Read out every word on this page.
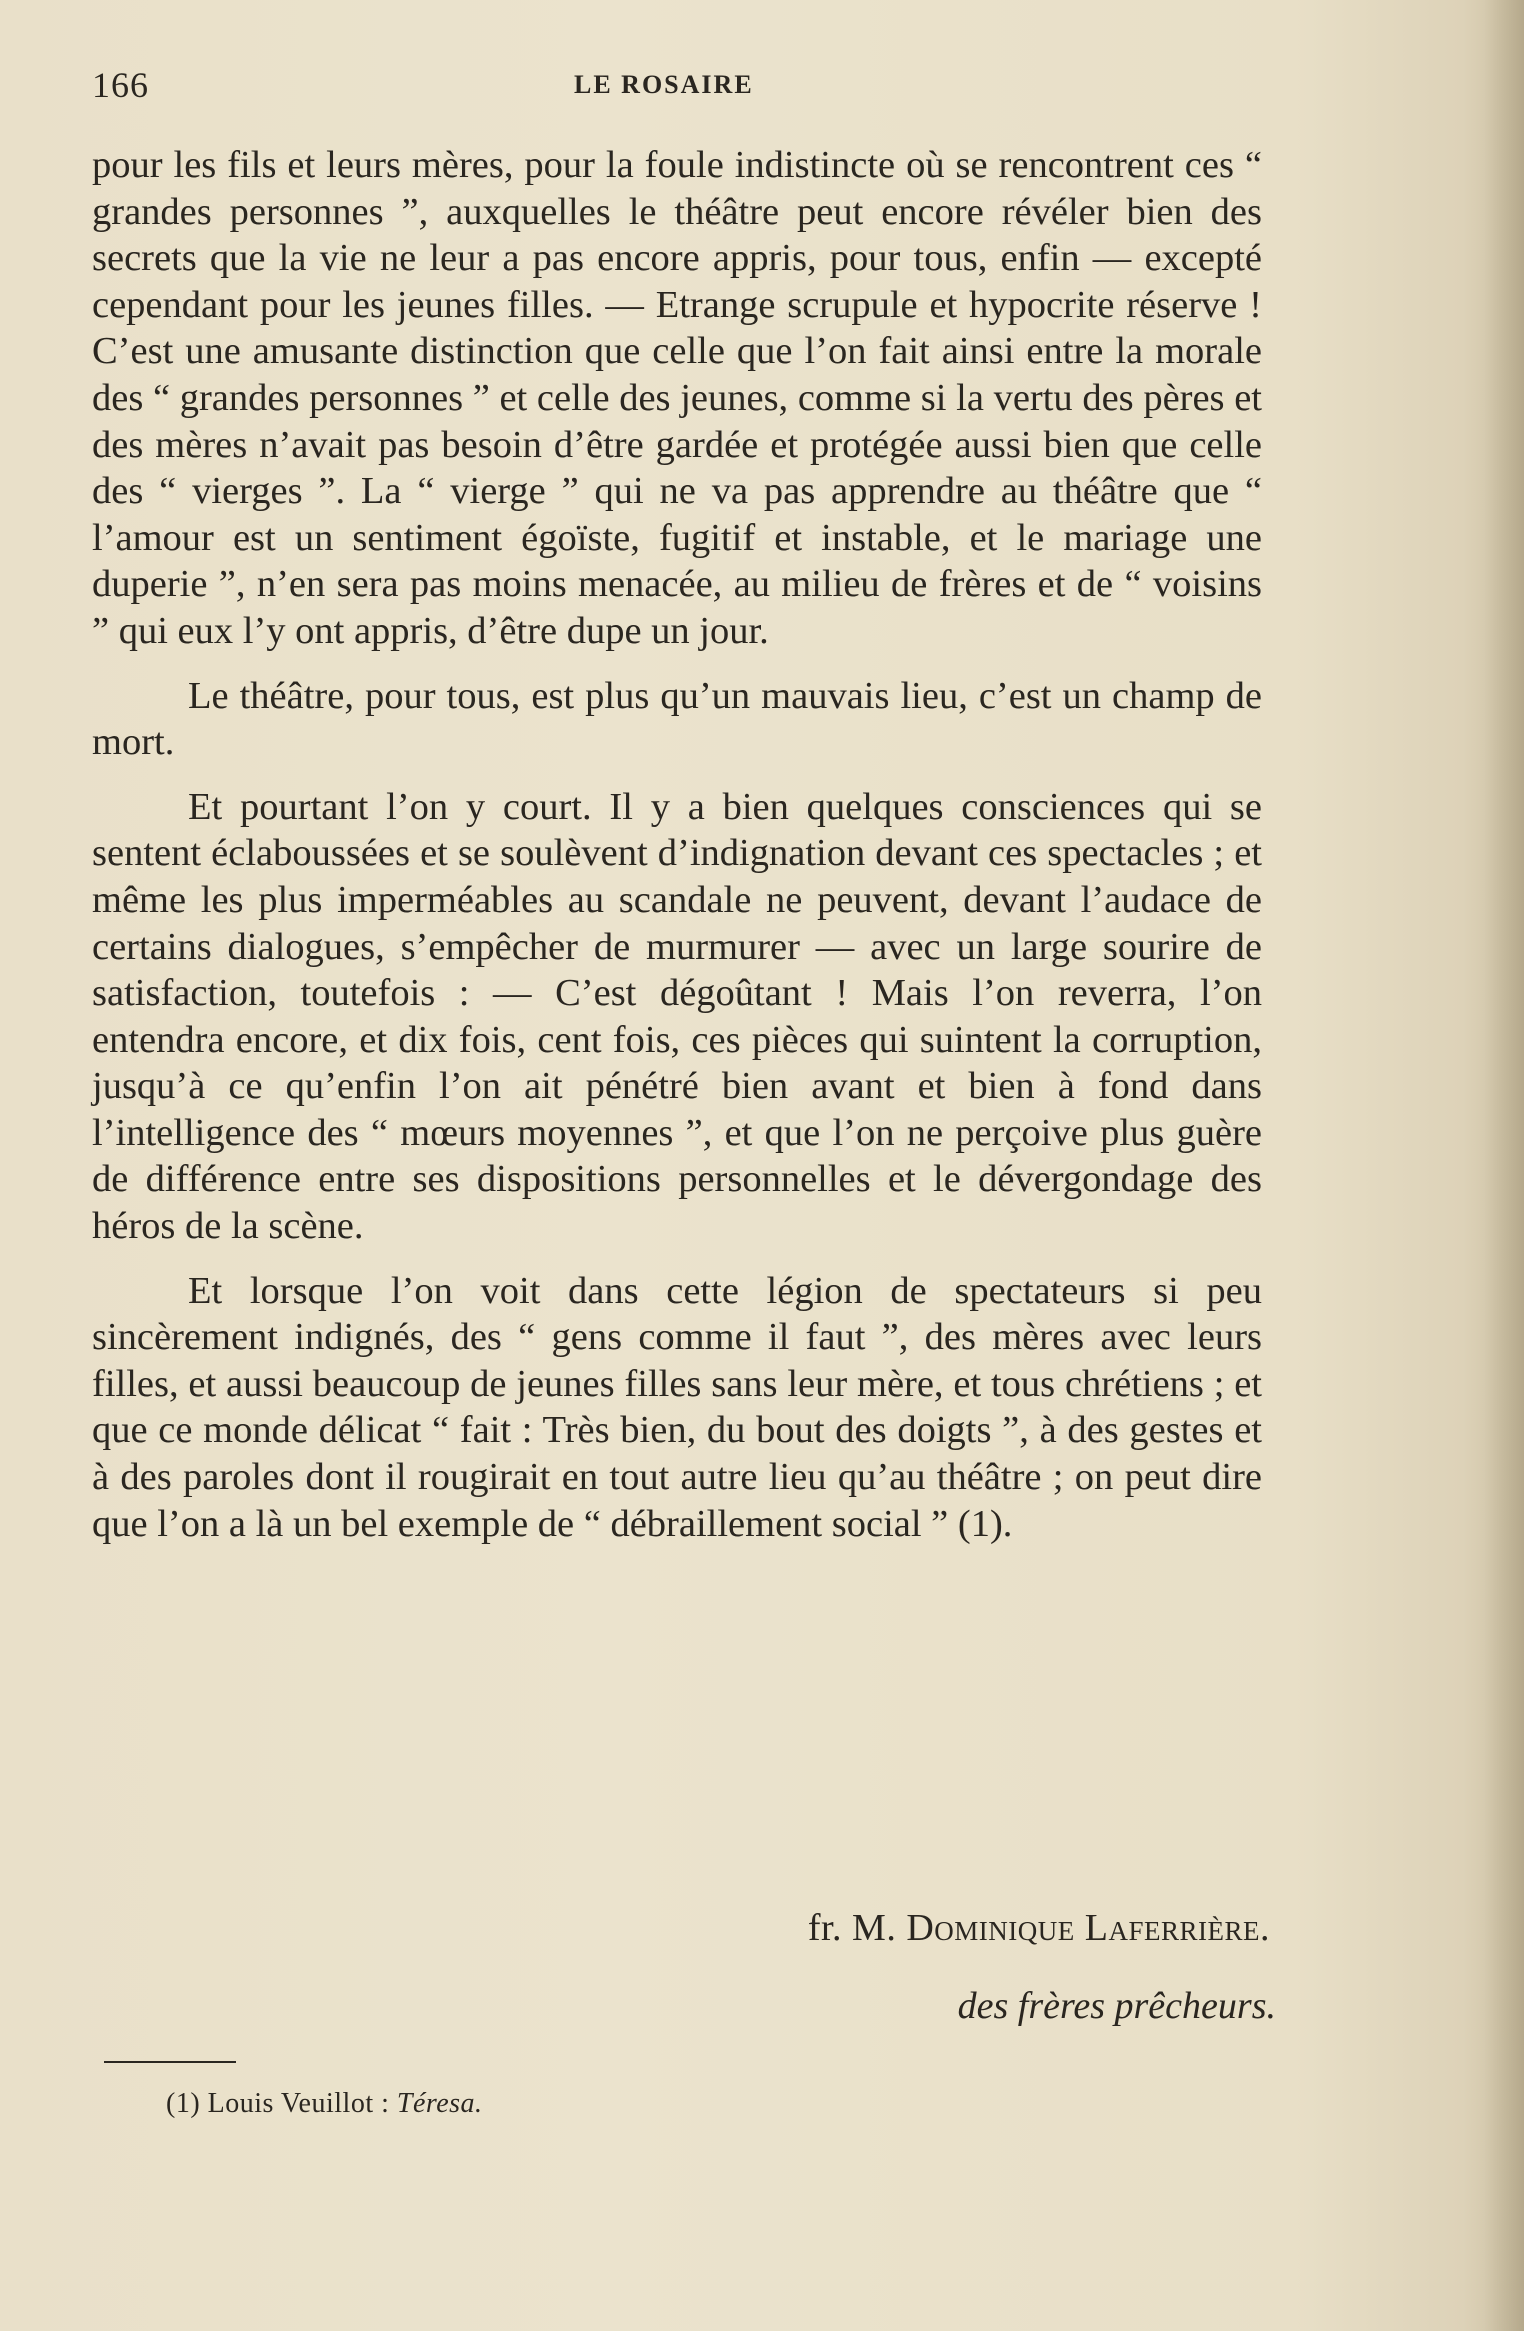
166	LE ROSAIRE

pour les fils et leurs mères, pour la foule indistincte où se rencontrent ces “ grandes personnes ”, auxquelles le théâtre peut encore révéler bien des secrets que la vie ne leur a pas encore appris, pour tous, enfin — excepté cependant pour les jeunes filles. — Etrange scrupule et hypocrite réserve ! C’est une amusante distinction que celle que l’on fait ainsi entre la morale des “ grandes personnes ” et celle des jeunes, comme si la vertu des pères et des mères n’avait pas besoin d’être gardée et protégée aussi bien que celle des “ vierges ”. La “ vierge ” qui ne va pas apprendre au théâtre que “ l’amour est un sentiment égoïste, fugitif et instable, et le mariage une duperie ”, n’en sera pas moins menacée, au milieu de frères et de “ voisins ” qui eux l’y ont appris, d’être dupe un jour.

Le théâtre, pour tous, est plus qu’un mauvais lieu, c’est un champ de mort.

Et pourtant l’on y court. Il y a bien quelques consciences qui se sentent éclaboussées et se soulèvent d’indignation devant ces spectacles ; et même les plus imperméables au scandale ne peuvent, devant l’audace de certains dialogues, s’empêcher de murmurer — avec un large sourire de satisfaction, toutefois : — C’est dégoûtant ! Mais l’on reverra, l’on entendra encore, et dix fois, cent fois, ces pièces qui suintent la corruption, jusqu’à ce qu’enfin l’on ait pénétré bien avant et bien à fond dans l’intelligence des “ mœurs moyennes ”, et que l’on ne perçoive plus guère de différence entre ses dispositions personnelles et le dévergondage des héros de la scène.

Et lorsque l’on voit dans cette légion de spectateurs si peu sincèrement indignés, des “ gens comme il faut ”, des mères avec leurs filles, et aussi beaucoup de jeunes filles sans leur mère, et tous chrétiens ; et que ce monde délicat “ fait : Très bien, du bout des doigts ”, à des gestes et à des paroles dont il rougirait en tout autre lieu qu’au théâtre ; on peut dire que l’on a là un bel exemple de “ débraillement social ” (1).

fr. M. Dominique Laferrière.
des frères prêcheurs.
(1) Louis Veuillot : Téresa.
